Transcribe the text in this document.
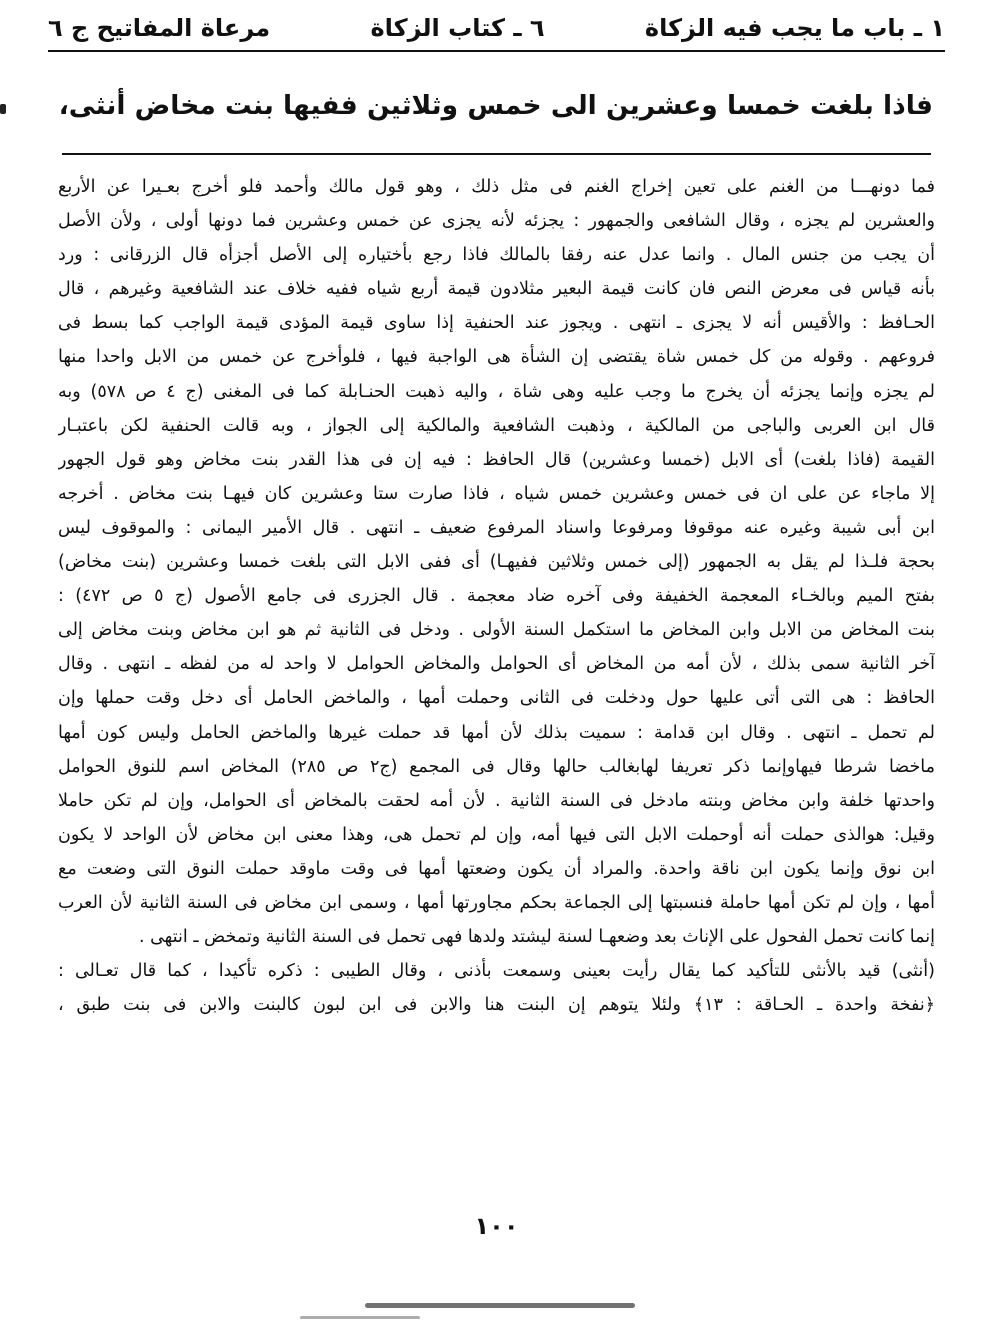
مرعاة المفاتيح ج ٦	٦ ـ كتاب الزكاة	١ ـ باب ما يجب فيه الزكاة
فاذا بلغت خمسا وعشرين الى خمس وثلاثين ففيها بنت مخاض أنثى،
فما دونهـــا من الغنم على تعين إخراج الغنم فى مثل ذلك ، وهو قول مالك وأحمد فلو أخرج بعـيرا عن الأربع
والعشرين لم يجزه ، وقال الشافعى والجمهور : يجزئه لأنه يجزى عن خمس وعشرين فما دونها أولى ، ولأن الأصل
أن يجب من جنس المال . وانما عدل عنه رفقا بالمالك فاذا رجع بأختياره إلى الأصل أجزأه قال الزرقانى : ورد
بأنه قياس فى معرض النص فان كانت قيمة البعير مثلادون قيمة أربع شياه ففيه خلاف عند الشافعية وغيرهم ، قال
الحـافظ : والأقيس أنه لا يجزى ـ انتهى . ويجوز عند الحنفية إذا ساوى قيمة المؤدى قيمة الواجب كما بسط فى
فروعهم . وقوله من كل خمس شاة يقتضى إن الشأة هى الواجبة فيها ، فلوأخرج عن خمس من الابل واحدا منها
لم يجزه وإنما يجزئه أن يخرج ما وجب عليه وهى شاة ، واليه ذهبت الحنـابلة كما فى المغنى (ج ٤ ص ٥٧٨) وبه
قال ابن العربى والباجى من المالكية ، وذهبت الشافعية والمالكية إلى الجواز ، وبه قالت الحنفية لكن باعتبـار
القيمة (فاذا بلغت) أى الابل (خمسا وعشرين) قال الحافظ : فيه إن فى هذا القدر بنت مخاض وهو قول الجهور
إلا ماجاء عن على ان فى خمس وعشرين خمس شياه ، فاذا صارت ستا وعشرين كان فيهـا بنت مخاض . أخرجه
ابن أبى شيبة وغيره عنه موقوفا ومرفوعا واسناد المرفوع ضعيف ـ انتهى . قال الأمير اليمانى : والموقوف ليس
بحجة فلـذا لم يقل به الجمهور (إلى خمس وثلاثين ففيهـا) أى ففى الابل التى بلغت خمسا وعشرين (بنت مخاض)
بفتح الميم وبالخـاء المعجمة الخفيفة وفى آخره ضاد معجمة . قال الجزرى فى جامع الأصول (ج ٥ ص ٤٧٢) :
بنت المخاض من الابل وابن المخاض ما استكمل السنة الأولى . ودخل فى الثانية ثم هو ابن مخاض وبنت مخاض إلى
آخر الثانية سمى بذلك ، لأن أمه من المخاض أى الحوامل والمخاض الحوامل لا واحد له من لفظه ـ انتهى . وقال
الحافظ : هى التى أتى عليها حول ودخلت فى الثانى وحملت أمها ، والماخض الحامل أى دخل وقت حملها وإن
لم تحمل ـ انتهى . وقال ابن قدامة : سميت بذلك لأن أمها قد حملت غيرها والماخض الحامل وليس كون أمها
ماخضا شرطا فيهاوإنما ذكر تعريفا لهابغالب حالها وقال فى المجمع (ج٢ ص ٢٨٥) المخاض اسم للنوق الحوامل
واحدتها خلفة وابن مخاض وبنته مادخل فى السنة الثانية . لأن أمه لحقت بالمخاض أى الحوامل، وإن لم تكن حاملا
وقيل: هوالذى حملت أنه أوحملت الابل التى فيها أمه، وإن لم تحمل هى، وهذا معنى ابن مخاض لأن الواحد لا يكون
ابن نوق وإنما يكون ابن ناقة واحدة. والمراد أن يكون وضعتها أمها فى وقت ماوقد حملت النوق التى وضعت مع
أمها ، وإن لم تكن أمها حاملة فنسبتها إلى الجماعة بحكم مجاورتها أمها ، وسمى ابن مخاض فى السنة الثانية لأن العرب
إنما كانت تحمل الفحول على الإناث بعد وضعهـا لسنة ليشتد ولدها فهى تحمل فى السنة الثانية وتمخض ـ انتهى .
(أنثى) قيد بالأنثى للتأكيد كما يقال رأيت بعينى وسمعت بأذنى ، وقال الطيبى : ذكره تأكيدا ، كما قال تعـالى :
﴿نفخة واحدة ـ الحـاقة : ١٣﴾ ولئلا يتوهم إن البنت هنا والابن فى ابن لبون كالبنت والابن فى بنت طبق ،
١٠٠
